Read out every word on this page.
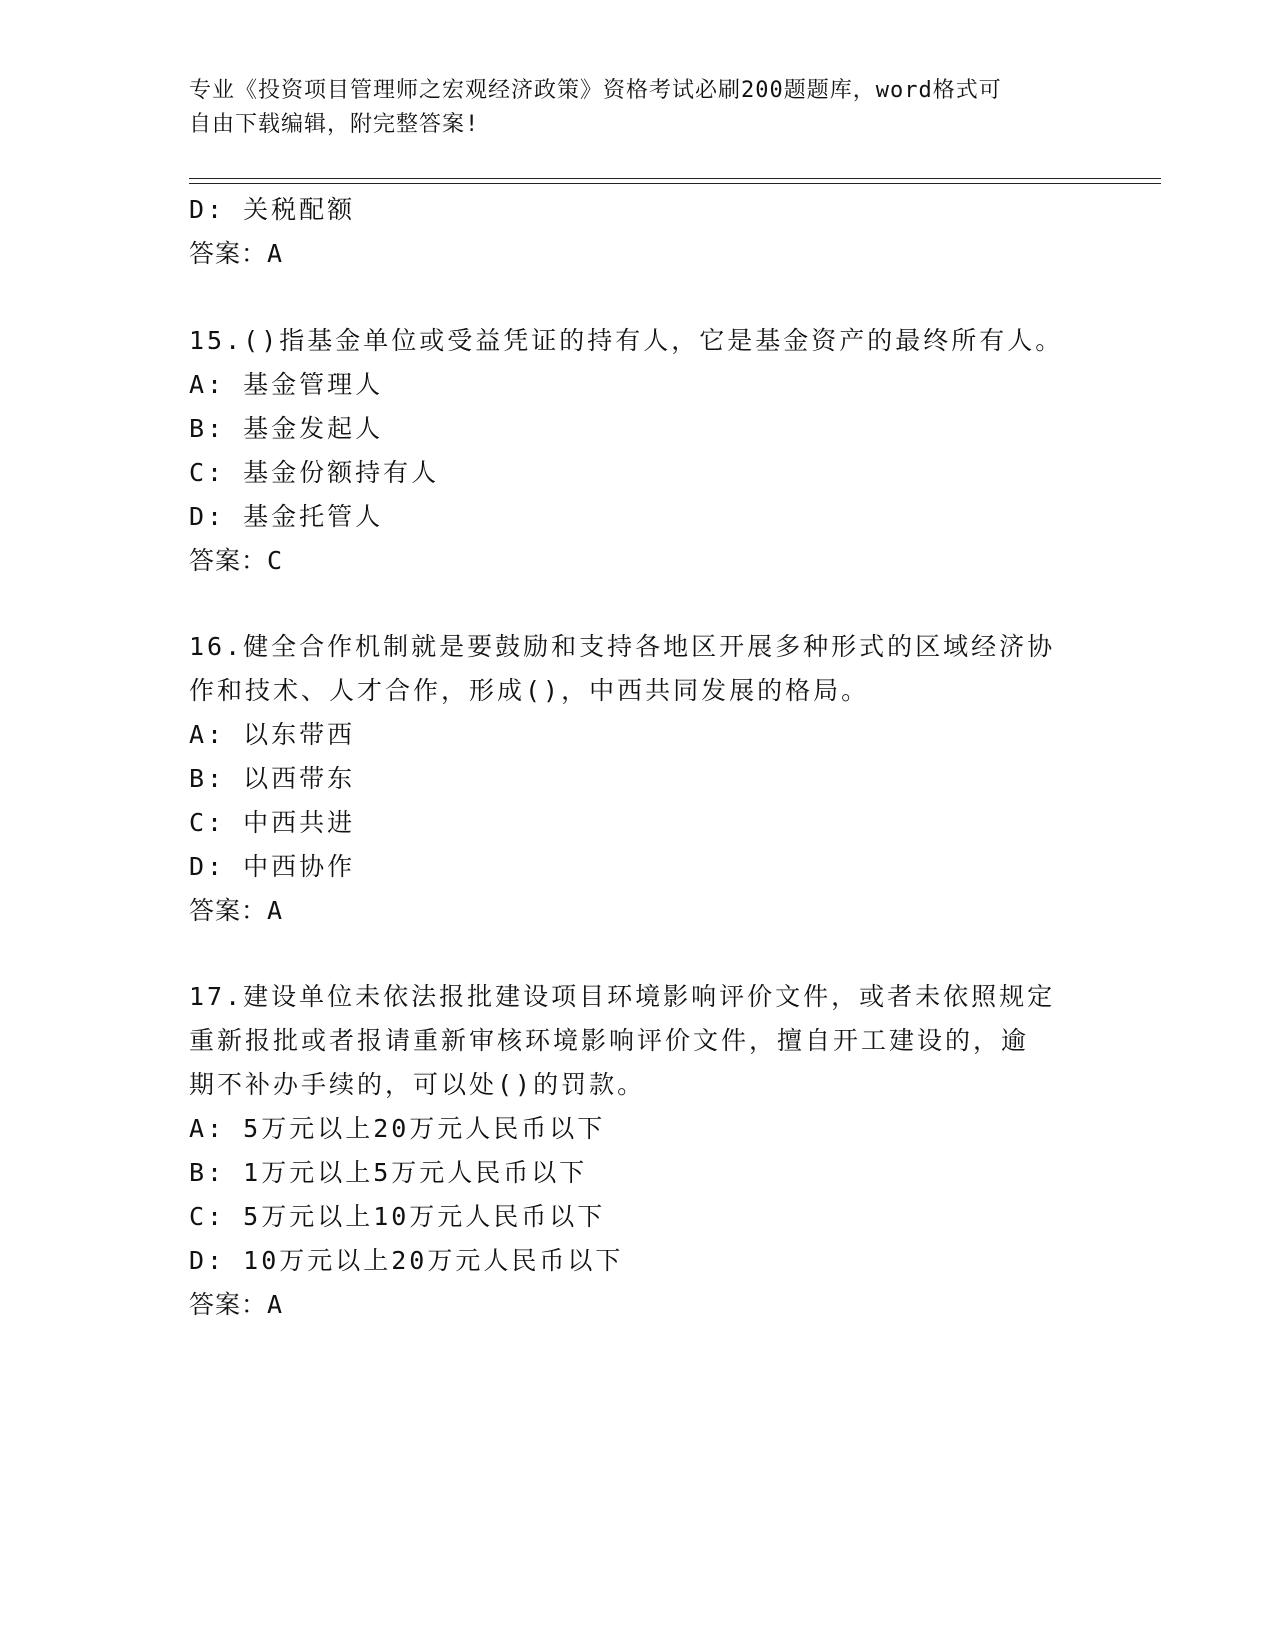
专业《投资项目管理师之宏观经济政策》资格考试必刷200题题库，word格式可
自由下载编辑，附完整答案!
D: 关税配额
答案：A
15.()指基金单位或受益凭证的持有人，它是基金资产的最终所有人。
A: 基金管理人
B: 基金发起人
C: 基金份额持有人
D: 基金托管人
答案：C
16.健全合作机制就是要鼓励和支持各地区开展多种形式的区域经济协
作和技术、人才合作，形成()，中西共同发展的格局。
A: 以东带西
B: 以西带东
C: 中西共进
D: 中西协作
答案：A
17.建设单位未依法报批建设项目环境影响评价文件，或者未依照规定
重新报批或者报请重新审核环境影响评价文件，擅自开工建设的，逾
期不补办手续的，可以处()的罚款。
A: 5万元以上20万元人民币以下
B: 1万元以上5万元人民币以下
C: 5万元以上10万元人民币以下
D: 10万元以上20万元人民币以下
答案：A
